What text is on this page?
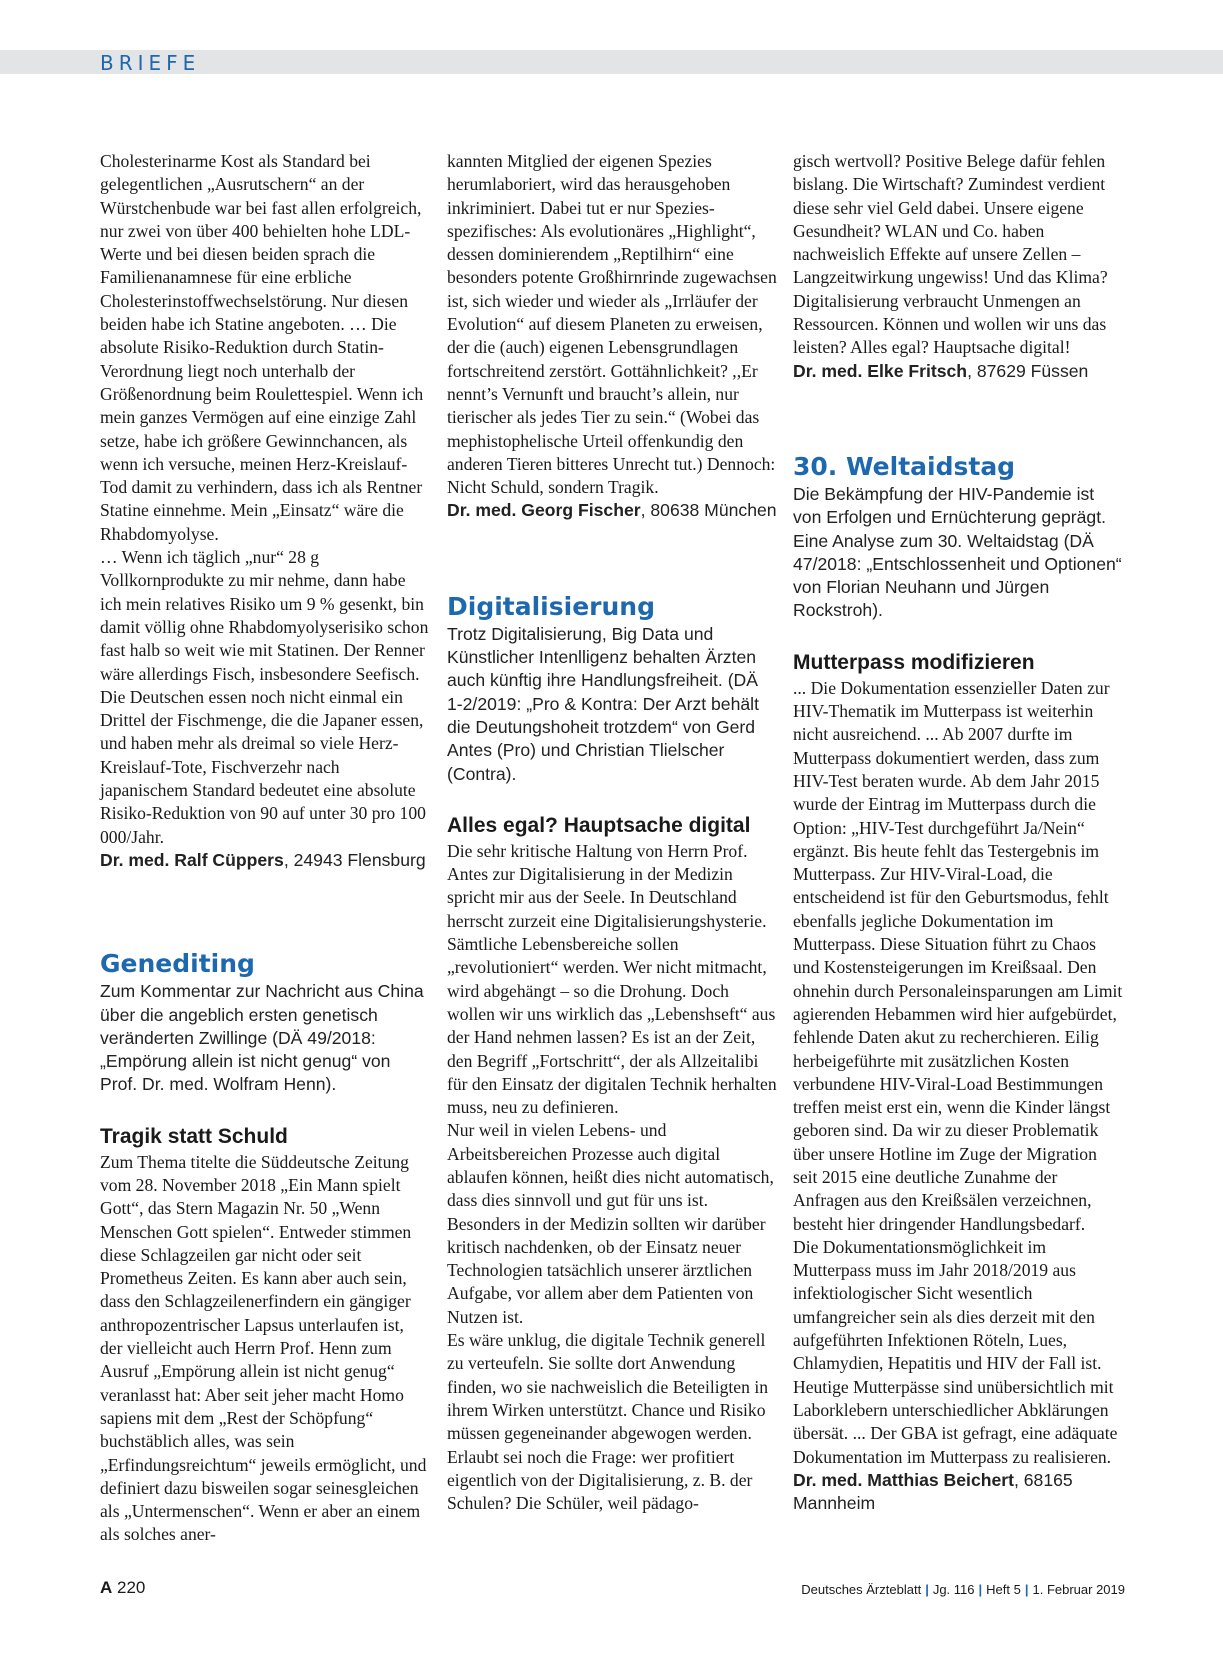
BRIEFE

Cholesterinarme Kost als Standard bei gelegentlichen „Ausrutschern“ an der Würstchenbude war bei fast allen erfolgreich, nur zwei von über 400 behielten hohe LDL-Werte und bei diesen beiden sprach die Familienanamnese für eine erbliche Cholesterinstoffwechselstörung. Nur diesen beiden habe ich Statine angeboten. … Die absolute Risiko-Reduktion durch Statin-Verordnung liegt noch unterhalb der Größenordnung beim Roulettespiel. Wenn ich mein ganzes Vermögen auf eine einzige Zahl setze, habe ich größere Gewinnchancen, als wenn ich versuche, meinen Herz-Kreislauf-Tod damit zu verhindern, dass ich als Rentner Statine einnehme. Mein „Einsatz“ wäre die Rhabdomyolyse.

… Wenn ich täglich „nur“ 28 g Vollkornprodukte zu mir nehme, dann habe ich mein relatives Risiko um 9 % gesenkt, bin damit völlig ohne Rhabdomyolyserisiko schon fast halb so weit wie mit Statinen. Der Renner wäre allerdings Fisch, insbesondere Seefisch. Die Deutschen essen noch nicht einmal ein Drittel der Fischmenge, die die Japaner essen, und haben mehr als dreimal so viele Herz-Kreislauf-Tote, Fischverzehr nach japanischem Standard bedeutet eine absolute Risiko-Reduktion von 90 auf unter 30 pro 100 000/Jahr.

Dr. med. Ralf Cüppers, 24943 Flensburg

Genediting

Zum Kommentar zur Nachricht aus China über die angeblich ersten genetisch veränderten Zwillinge (DÄ 49/2018: „Empörung allein ist nicht genug“ von Prof. Dr. med. Wolfram Henn).

Tragik statt Schuld

Zum Thema titelte die Süddeutsche Zeitung vom 28. November 2018 „Ein Mann spielt Gott“, das Stern Magazin Nr. 50 „Wenn Menschen Gott spielen“. Entweder stimmen diese Schlagzeilen gar nicht oder seit Prometheus Zeiten. Es kann aber auch sein, dass den Schlagzeilenerfindern ein gängiger anthropozentrischer Lapsus unterlaufen ist, der vielleicht auch Herrn Prof. Henn zum Ausruf „Empörung allein ist nicht genug“ veranlasst hat: Aber seit jeher macht Homo sapiens mit dem „Rest der Schöpfung“ buchstäblich alles, was sein „Erfindungsreichtum“ jeweils ermöglicht, und definiert dazu bisweilen sogar seinesgleichen als „Untermenschen“. Wenn er aber an einem als solches aner-

kannten Mitglied der eigenen Spezies herumlaboriert, wird das herausgehoben inkriminiert. Dabei tut er nur Spezies-spezifisches: Als evolutionäres „Highlight“, dessen dominierendem „Reptilhirn“ eine besonders potente Großhirnrinde zugewachsen ist, sich wieder und wieder als „Irrläufer der Evolution“ auf diesem Planeten zu erweisen, der die (auch) eigenen Lebensgrundlagen fortschreitend zerstört. Gottähnlichkeit? ,,Er nennt’s Vernunft und braucht’s allein, nur tierischer als jedes Tier zu sein.“ (Wobei das mephistophelische Urteil offenkundig den anderen Tieren bitteres Unrecht tut.) Dennoch: Nicht Schuld, sondern Tragik.

Dr. med. Georg Fischer, 80638 München

Digitalisierung

Trotz Digitalisierung, Big Data und Künstlicher Intenlligenz behalten Ärzten auch künftig ihre Handlungsfreiheit. (DÄ 1-2/2019: „Pro & Kontra: Der Arzt behält die Deutungshoheit trotzdem“ von Gerd Antes (Pro) und Christian Tlielscher (Contra).

Alles egal? Hauptsache digital

Die sehr kritische Haltung von Herrn Prof. Antes zur Digitalisierung in der Medizin spricht mir aus der Seele. In Deutschland herrscht zurzeit eine Digitalisierungshysterie. Sämtliche Lebensbereiche sollen „revolutioniert“ werden. Wer nicht mitmacht, wird abgehängt – so die Drohung. Doch wollen wir uns wirklich das „Lebenshseft“ aus der Hand nehmen lassen? Es ist an der Zeit, den Begriff „Fortschritt“, der als Allzeitalibi für den Einsatz der digitalen Technik herhalten muss, neu zu definieren.

Nur weil in vielen Lebens- und Arbeitsbereichen Prozesse auch digital ablaufen können, heißt dies nicht automatisch, dass dies sinnvoll und gut für uns ist. Besonders in der Medizin sollten wir darüber kritisch nachdenken, ob der Einsatz neuer Technologien tatsächlich unserer ärztlichen Aufgabe, vor allem aber dem Patienten von Nutzen ist.

Es wäre unklug, die digitale Technik generell zu verteufeln. Sie sollte dort Anwendung finden, wo sie nachweislich die Beteiligten in ihrem Wirken unterstützt. Chance und Risiko müssen gegeneinander abgewogen werden.

Erlaubt sei noch die Frage: wer profitiert eigentlich von der Digitalisierung, z. B. der Schulen? Die Schüler, weil pädago-

gisch wertvoll? Positive Belege dafür fehlen bislang. Die Wirtschaft? Zumindest verdient diese sehr viel Geld dabei. Unsere eigene Gesundheit? WLAN und Co. haben nachweislich Effekte auf unsere Zellen – Langzeitwirkung ungewiss! Und das Klima? Digitalisierung verbraucht Unmengen an Ressourcen. Können und wollen wir uns das leisten? Alles egal? Hauptsache digital!

Dr. med. Elke Fritsch, 87629 Füssen

30. Weltaidstag

Die Bekämpfung der HIV-Pandemie ist von Erfolgen und Ernüchterung geprägt. Eine Analyse zum 30. Weltaidstag (DÄ 47/2018: „Entschlossenheit und Optionen“ von Florian Neuhann und Jürgen Rockstroh).

Mutterpass modifizieren

... Die Dokumentation essenzieller Daten zur HIV-Thematik im Mutterpass ist weiterhin nicht ausreichend. ... Ab 2007 durfte im Mutterpass dokumentiert werden, dass zum HIV-Test beraten wurde. Ab dem Jahr 2015 wurde der Eintrag im Mutterpass durch die Option: „HIV-Test durchgeführt Ja/Nein“ ergänzt. Bis heute fehlt das Testergebnis im Mutterpass. Zur HIV-Viral-Load, die entscheidend ist für den Geburtsmodus, fehlt ebenfalls jegliche Dokumentation im Mutterpass. Diese Situation führt zu Chaos und Kostensteigerungen im Kreißsaal. Den ohnehin durch Personaleinsparungen am Limit agierenden Hebammen wird hier aufgebürdet, fehlende Daten akut zu recherchieren. Eilig herbeigeführte mit zusätzlichen Kosten verbundene HIV-Viral-Load Bestimmungen treffen meist erst ein, wenn die Kinder längst geboren sind. Da wir zu dieser Problematik über unsere Hotline im Zuge der Migration seit 2015 eine deutliche Zunahme der Anfragen aus den Kreißsälen verzeichnen, besteht hier dringender Handlungsbedarf.

Die Dokumentationsmöglichkeit im Mutterpass muss im Jahr 2018/2019 aus infektiologischer Sicht wesentlich umfangreicher sein als dies derzeit mit den aufgeführten Infektionen Röteln, Lues, Chlamydien, Hepatitis und HIV der Fall ist. Heutige Mutterpässe sind unübersichtlich mit Laborklebern unterschiedlicher Abklärungen übersät. ... Der GBA ist gefragt, eine adäquate Dokumentation im Mutterpass zu realisieren.

Dr. med. Matthias Beichert, 68165 Mannheim

A 220	Deutsches Ärzteblatt | Jg. 116 | Heft 5 | 1. Februar 2019
